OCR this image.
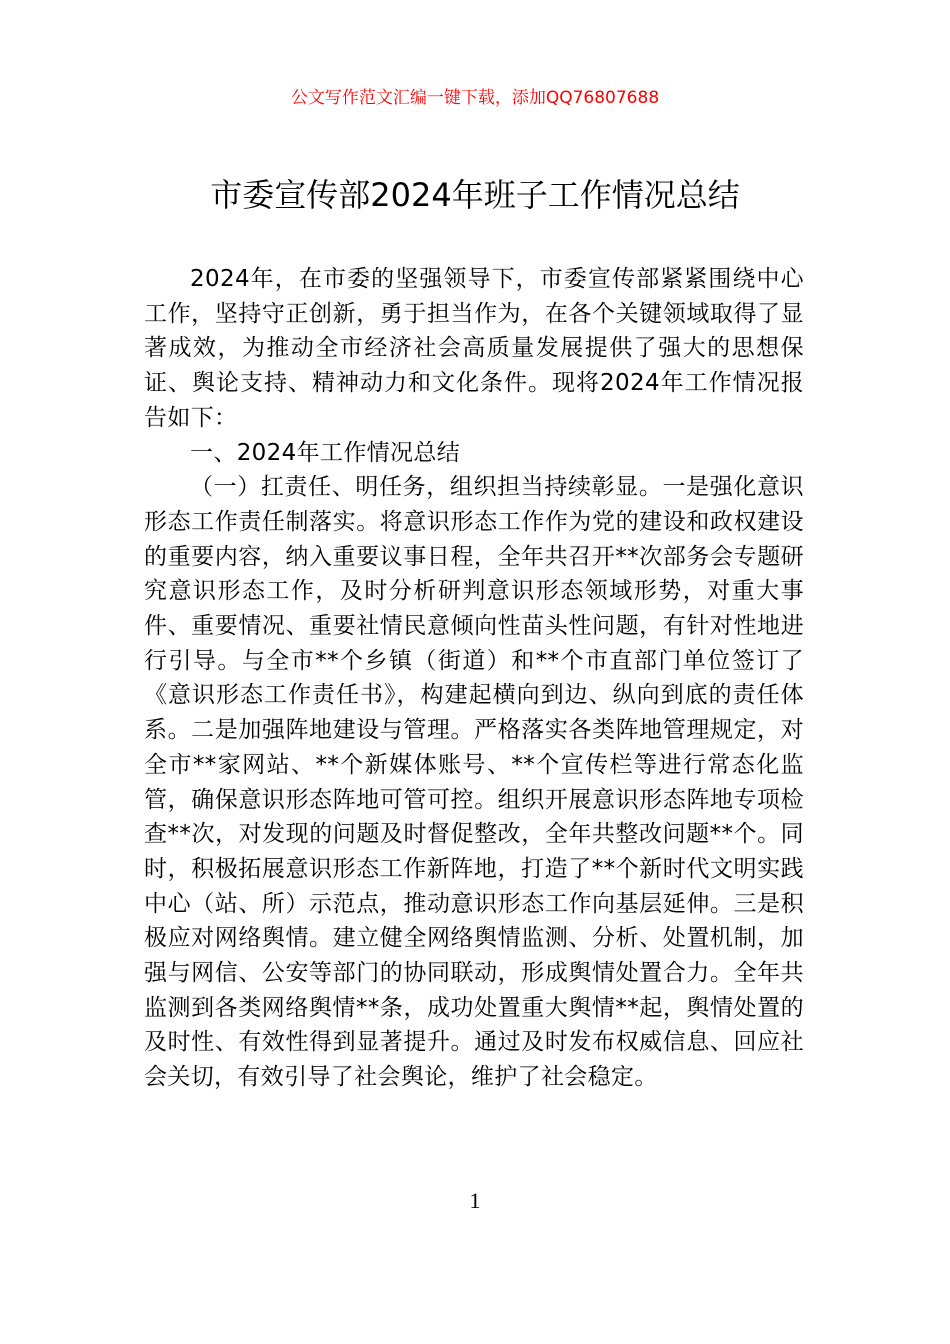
公文写作范文汇编一键下载，添加QQ76807688
市委宣传部2024年班子工作情况总结

2024年，在市委的坚强领导下，市委宣传部紧紧围绕中心工作，坚持守正创新，勇于担当作为，在各个关键领域取得了显著成效，为推动全市经济社会高质量发展提供了强大的思想保证、舆论支持、精神动力和文化条件。现将2024年工作情况报告如下：

一、2024年工作情况总结

（一）扛责任、明任务，组织担当持续彰显。一是强化意识形态工作责任制落实。将意识形态工作作为党的建设和政权建设的重要内容，纳入重要议事日程，全年共召开**次部务会专题研究意识形态工作，及时分析研判意识形态领域形势，对重大事件、重要情况、重要社情民意倾向性苗头性问题，有针对性地进行引导。与全市**个乡镇（街道）和**个市直部门单位签订了《意识形态工作责任书》，构建起横向到边、纵向到底的责任体系。二是加强阵地建设与管理。严格落实各类阵地管理规定，对全市**家网站、**个新媒体账号、**个宣传栏等进行常态化监管，确保意识形态阵地可管可控。组织开展意识形态阵地专项检查**次，对发现的问题及时督促整改，全年共整改问题**个。同时，积极拓展意识形态工作新阵地，打造了**个新时代文明实践中心（站、所）示范点，推动意识形态工作向基层延伸。三是积极应对网络舆情。建立健全网络舆情监测、分析、处置机制，加强与网信、公安等部门的协同联动，形成舆情处置合力。全年共监测到各类网络舆情**条，成功处置重大舆情**起，舆情处置的及时性、有效性得到显著提升。通过及时发布权威信息、回应社会关切，有效引导了社会舆论，维护了社会稳定。

1
